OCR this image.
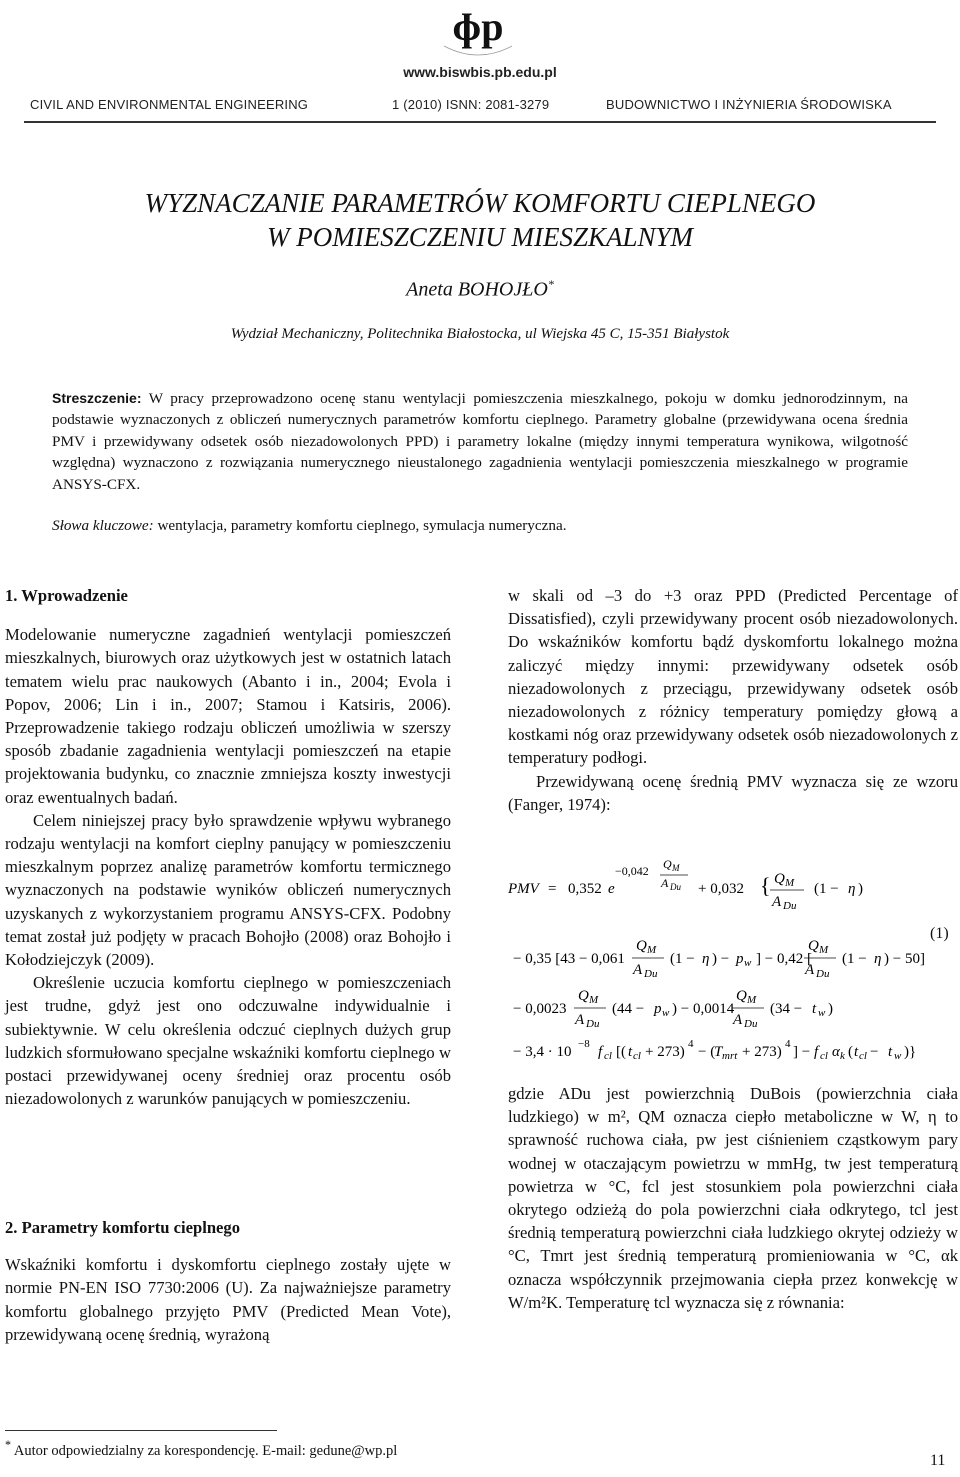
ɸp
www.biswbis.pb.edu.pl
CIVIL AND ENVIRONMENTAL ENGINEERING	1 (2010) ISNN: 2081-3279	BUDOWNICTWO I INŻYNIERIA ŚRODOWISKA
WYZNACZANIE PARAMETRÓW KOMFORTU CIEPLNEGO
W POMIESZCZENIU MIESZKALNYM
Aneta BOHOJŁO*
Wydział Mechaniczny, Politechnika Białostocka, ul Wiejska 45 C, 15-351 Białystok
Streszczenie: W pracy przeprowadzono ocenę stanu wentylacji pomieszczenia mieszkalnego, pokoju w domku jednorodzinnym, na podstawie wyznaczonych z obliczeń numerycznych parametrów komfortu cieplnego. Parametry globalne (przewidywana ocena średnia PMV i przewidywany odsetek osób niezadowolonych PPD) i parametry lokalne (między innymi temperatura wynikowa, wilgotność względna) wyznaczono z rozwiązania numerycznego nieustalonego zagadnienia wentylacji pomieszczenia mieszkalnego w programie ANSYS-CFX.
Słowa kluczowe: wentylacja, parametry komfortu cieplnego, symulacja numeryczna.

1. Wprowadzenie

Modelowanie numeryczne zagadnień wentylacji pomieszczeń mieszkalnych, biurowych oraz użytkowych jest w ostatnich latach tematem wielu prac naukowych (Abanto i in., 2004; Evola i Popov, 2006; Lin i in., 2007; Stamou i Katsiris, 2006). Przeprowadzenie takiego rodzaju obliczeń umożliwia w szerszy sposób zbadanie zagadnienia wentylacji pomieszczeń na etapie projektowania budynku, co znacznie zmniejsza koszty inwestycji oraz ewentualnych badań.

Celem niniejszej pracy było sprawdzenie wpływu wybranego rodzaju wentylacji na komfort cieplny panujący w pomieszczeniu mieszkalnym poprzez analizę parametrów komfortu termicznego wyznaczonych na podstawie wyników obliczeń numerycznych uzyskanych z wykorzystaniem programu ANSYS-CFX. Podobny temat został już podjęty w pracach Bohojło (2008) oraz Bohojło i Kołodziejczyk (2009).

Określenie uczucia komfortu cieplnego w pomieszczeniach jest trudne, gdyż jest ono odczuwalne indywidualnie i subiektywnie. W celu określenia odczuć cieplnych dużych grup ludzkich sformułowano specjalne wskaźniki komfortu cieplnego w postaci przewidywanej oceny średniej oraz procentu osób niezadowolonych z warunków panujących w pomieszczeniu.

2. Parametry komfortu cieplnego

Wskaźniki komfortu i dyskomfortu cieplnego zostały ujęte w normie PN-EN ISO 7730:2006 (U). Za najważniejsze parametry komfortu globalnego przyjęto PMV (Predicted Mean Vote), przewidywaną ocenę średnią, wyrażoną

w skali od –3 do +3 oraz PPD (Predicted Percentage of Dissatisfied), czyli przewidywany procent osób niezadowolonych. Do wskaźników komfortu bądź dyskomfortu lokalnego można zaliczyć między innymi: przewidywany odsetek osób niezadowolonych z przeciągu, przewidywany odsetek osób niezadowolonych z różnicy temperatury pomiędzy głową a kostkami nóg oraz przewidywany odsetek osób niezadowolonych z temperatury podłogi.

Przewidywaną ocenę średnią PMV wyznacza się ze wzoru (Fanger, 1974):

PMV = 0,352 e
−0,042 Q M
A Du + 0,032 { Q M
A Du
(1 − η )
− 0,35 [43 − 0,061
Q M
A Du
(1 − η ) − p w ] − 0,42 [
Q M
A Du
(1 − η ) − 50]
− 0,0023
Q M
A Du
(44 − p w ) − 0,0014
Q M
A Du
(34 − t w )
− 3,4 · 10 −8 f cl [( t cl + 273) 4 − (
T mrt + 273) 4 ] − f cl α k ( t cl − t w )}
(1)

gdzie ADu jest powierzchnią DuBois (powierzchnia ciała ludzkiego) w m², QM oznacza ciepło metaboliczne w W, η to sprawność ruchowa ciała, pw jest ciśnieniem cząstkowym pary wodnej w otaczającym powietrzu w mmHg, tw jest temperaturą powietrza w °C, fcl jest stosunkiem pola powierzchni ciała okrytego odzieżą do pola powierzchni ciała odkrytego, tcl jest średnią temperaturą powierzchni ciała ludzkiego okrytej odzieży w °C, Tmrt jest średnią temperaturą promieniowania w °C, αk oznacza współczynnik przejmowania ciepła przez konwekcję w W/m²K. Temperaturę tcl wyznacza się z równania:

* Autor odpowiedzialny za korespondencję. E-mail: gedune@wp.pl
11
